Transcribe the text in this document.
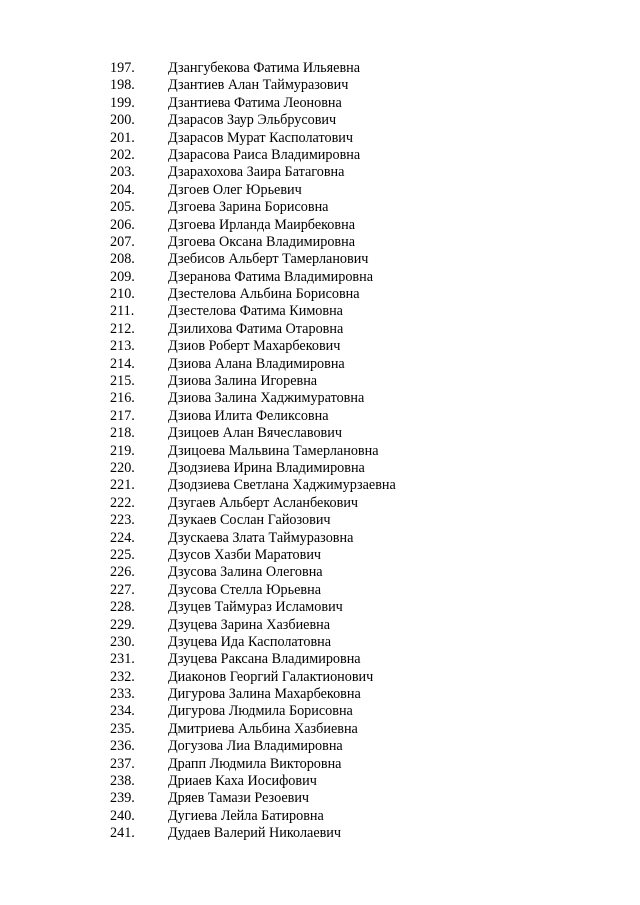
197.	Дзангубекова Фатима Ильяевна
198.	Дзантиев Алан Таймуразович
199.	Дзантиева Фатима Леоновна
200.	Дзарасов Заур Эльбрусович
201.	Дзарасов Мурат Касполатович
202.	Дзарасова Раиса Владимировна
203.	Дзарахохова Заира Батаговна
204.	Дзгоев Олег Юрьевич
205.	Дзгоева Зарина Борисовна
206.	Дзгоева Ирланда Маирбековна
207.	Дзгоева Оксана Владимировна
208.	Дзебисов Альберт Тамерланович
209.	Дзеранова Фатима Владимировна
210.	Дзестелова Альбина Борисовна
211.	Дзестелова Фатима Кимовна
212.	Дзилихова Фатима Отаровна
213.	Дзиов Роберт Махарбекович
214.	Дзиова Алана Владимировна
215.	Дзиова Залина Игоревна
216.	Дзиова Залина Хаджимуратовна
217.	Дзиова Илита Феликсовна
218.	Дзицоев Алан Вячеславович
219.	Дзицоева Мальвина Тамерлановна
220.	Дзодзиева Ирина Владимировна
221.	Дзодзиева Светлана Хаджимурзаевна
222.	Дзугаев Альберт Асланбекович
223.	Дзукаев Сослан Гайозович
224.	Дзускаева Злата Таймуразовна
225.	Дзусов Хазби Маратович
226.	Дзусова Залина Олеговна
227.	Дзусова Стелла Юрьевна
228.	Дзуцев Таймураз Исламович
229.	Дзуцева Зарина Хазбиевна
230.	Дзуцева Ида Касполатовна
231.	Дзуцева Раксана Владимировна
232.	Диаконов Георгий Галактионович
233.	Дигурова Залина Махарбековна
234.	Дигурова Людмила Борисовна
235.	Дмитриева Альбина Хазбиевна
236.	Догузова Лиа Владимировна
237.	Драпп Людмила Викторовна
238.	Дриаев Каха Иосифович
239.	Дряев Тамази Резоевич
240.	Дугиева Лейла Батировна
241.	Дудаев Валерий Николаевич
